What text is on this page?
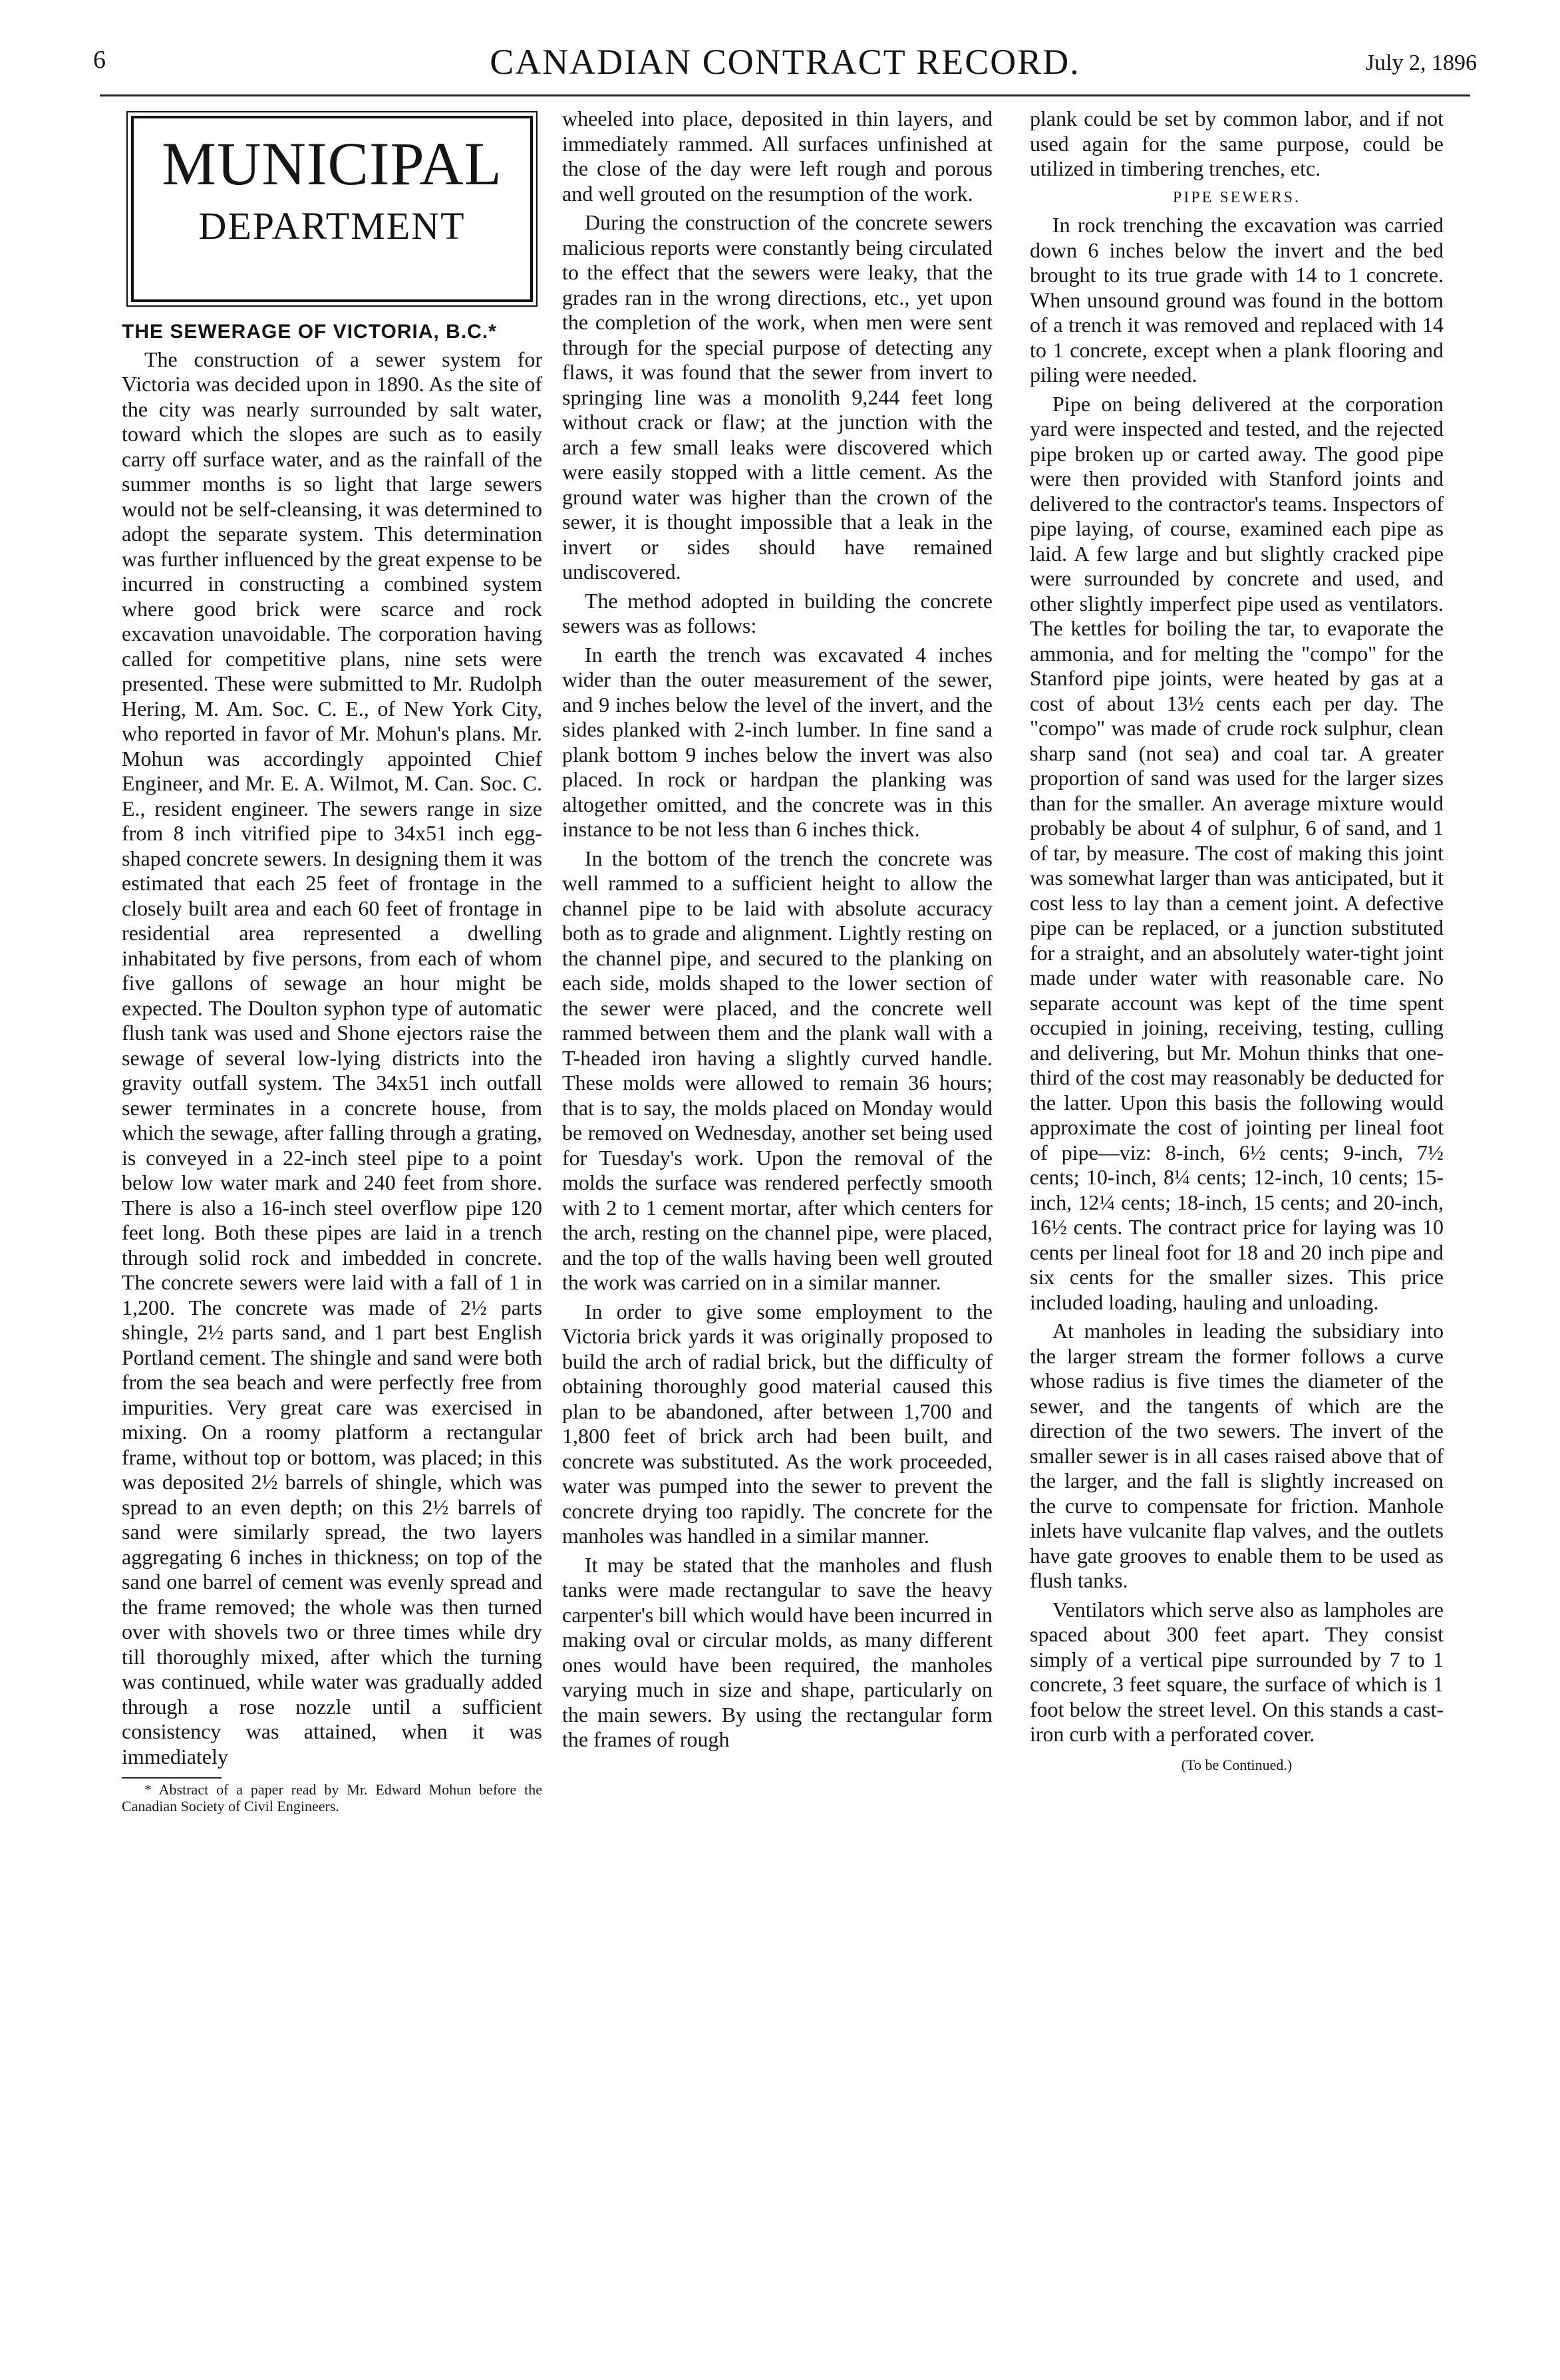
6	CANADIAN CONTRACT RECORD.	July 2, 1896
MUNICIPAL
DEPARTMENT
THE SEWERAGE OF VICTORIA, B.C.*

The construction of a sewer system for Victoria was decided upon in 1890. As the site of the city was nearly surrounded by salt water, toward which the slopes are such as to easily carry off surface water, and as the rainfall of the summer months is so light that large sewers would not be self-cleansing, it was determined to adopt the separate system. This determination was further influenced by the great expense to be incurred in constructing a combined system where good brick were scarce and rock excavation unavoidable. The corporation having called for competitive plans, nine sets were presented. These were submitted to Mr. Rudolph Hering, M. Am. Soc. C. E., of New York City, who reported in favor of Mr. Mohun's plans. Mr. Mohun was accordingly appointed Chief Engineer, and Mr. E. A. Wilmot, M. Can. Soc. C. E., resident engineer. The sewers range in size from 8 inch vitrified pipe to 34x51 inch egg-shaped concrete sewers. In designing them it was estimated that each 25 feet of frontage in the closely built area and each 60 feet of frontage in residential area represented a dwelling inhabitated by five persons, from each of whom five gallons of sewage an hour might be expected. The Doulton syphon type of automatic flush tank was used and Shone ejectors raise the sewage of several low-lying districts into the gravity outfall system. The 34x51 inch outfall sewer terminates in a concrete house, from which the sewage, after falling through a grating, is conveyed in a 22-inch steel pipe to a point below low water mark and 240 feet from shore. There is also a 16-inch steel overflow pipe 120 feet long. Both these pipes are laid in a trench through solid rock and imbedded in concrete. The concrete sewers were laid with a fall of 1 in 1,200. The concrete was made of 2½ parts shingle, 2½ parts sand, and 1 part best English Portland cement. The shingle and sand were both from the sea beach and were perfectly free from impurities. Very great care was exercised in mixing. On a roomy platform a rectangular frame, without top or bottom, was placed; in this was deposited 2½ barrels of shingle, which was spread to an even depth; on this 2½ barrels of sand were similarly spread, the two layers aggregating 6 inches in thickness; on top of the sand one barrel of cement was evenly spread and the frame removed; the whole was then turned over with shovels two or three times while dry till thoroughly mixed, after which the turning was continued, while water was gradually added through a rose nozzle until a sufficient consistency was attained, when it was immediately

* Abstract of a paper read by Mr. Edward Mohun before the Canadian Society of Civil Engineers.

wheeled into place, deposited in thin layers, and immediately rammed. All surfaces unfinished at the close of the day were left rough and porous and well grouted on the resumption of the work.

During the construction of the concrete sewers malicious reports were constantly being circulated to the effect that the sewers were leaky, that the grades ran in the wrong directions, etc., yet upon the completion of the work, when men were sent through for the special purpose of detecting any flaws, it was found that the sewer from invert to springing line was a monolith 9,244 feet long without crack or flaw; at the junction with the arch a few small leaks were discovered which were easily stopped with a little cement. As the ground water was higher than the crown of the sewer, it is thought impossible that a leak in the invert or sides should have remained undiscovered.

The method adopted in building the concrete sewers was as follows:

In earth the trench was excavated 4 inches wider than the outer measurement of the sewer, and 9 inches below the level of the invert, and the sides planked with 2-inch lumber. In fine sand a plank bottom 9 inches below the invert was also placed. In rock or hardpan the planking was altogether omitted, and the concrete was in this instance to be not less than 6 inches thick.

In the bottom of the trench the concrete was well rammed to a sufficient height to allow the channel pipe to be laid with absolute accuracy both as to grade and alignment. Lightly resting on the channel pipe, and secured to the planking on each side, molds shaped to the lower section of the sewer were placed, and the concrete well rammed between them and the plank wall with a T-headed iron having a slightly curved handle. These molds were allowed to remain 36 hours; that is to say, the molds placed on Monday would be removed on Wednesday, another set being used for Tuesday's work. Upon the removal of the molds the surface was rendered perfectly smooth with 2 to 1 cement mortar, after which centers for the arch, resting on the channel pipe, were placed, and the top of the walls having been well grouted the work was carried on in a similar manner.

In order to give some employment to the Victoria brick yards it was originally proposed to build the arch of radial brick, but the difficulty of obtaining thoroughly good material caused this plan to be abandoned, after between 1,700 and 1,800 feet of brick arch had been built, and concrete was substituted. As the work proceeded, water was pumped into the sewer to prevent the concrete drying too rapidly. The concrete for the manholes was handled in a similar manner.

It may be stated that the manholes and flush tanks were made rectangular to save the heavy carpenter's bill which would have been incurred in making oval or circular molds, as many different ones would have been required, the manholes varying much in size and shape, particularly on the main sewers. By using the rectangular form the frames of rough

plank could be set by common labor, and if not used again for the same purpose, could be utilized in timbering trenches, etc.

PIPE SEWERS.

In rock trenching the excavation was carried down 6 inches below the invert and the bed brought to its true grade with 14 to 1 concrete. When unsound ground was found in the bottom of a trench it was removed and replaced with 14 to 1 concrete, except when a plank flooring and piling were needed.

Pipe on being delivered at the corporation yard were inspected and tested, and the rejected pipe broken up or carted away. The good pipe were then provided with Stanford joints and delivered to the contractor's teams. Inspectors of pipe laying, of course, examined each pipe as laid. A few large and but slightly cracked pipe were surrounded by concrete and used, and other slightly imperfect pipe used as ventilators. The kettles for boiling the tar, to evaporate the ammonia, and for melting the "compo" for the Stanford pipe joints, were heated by gas at a cost of about 13½ cents each per day. The "compo" was made of crude rock sulphur, clean sharp sand (not sea) and coal tar. A greater proportion of sand was used for the larger sizes than for the smaller. An average mixture would probably be about 4 of sulphur, 6 of sand, and 1 of tar, by measure. The cost of making this joint was somewhat larger than was anticipated, but it cost less to lay than a cement joint. A defective pipe can be replaced, or a junction substituted for a straight, and an absolutely water-tight joint made under water with reasonable care. No separate account was kept of the time spent occupied in joining, receiving, testing, culling and delivering, but Mr. Mohun thinks that one-third of the cost may reasonably be deducted for the latter. Upon this basis the following would approximate the cost of jointing per lineal foot of pipe—viz: 8-inch, 6½ cents; 9-inch, 7½ cents; 10-inch, 8¼ cents; 12-inch, 10 cents; 15-inch, 12¼ cents; 18-inch, 15 cents; and 20-inch, 16½ cents. The contract price for laying was 10 cents per lineal foot for 18 and 20 inch pipe and six cents for the smaller sizes. This price included loading, hauling and unloading.

At manholes in leading the subsidiary into the larger stream the former follows a curve whose radius is five times the diameter of the sewer, and the tangents of which are the direction of the two sewers. The invert of the smaller sewer is in all cases raised above that of the larger, and the fall is slightly increased on the curve to compensate for friction. Manhole inlets have vulcanite flap valves, and the outlets have gate grooves to enable them to be used as flush tanks.

Ventilators which serve also as lampholes are spaced about 300 feet apart. They consist simply of a vertical pipe surrounded by 7 to 1 concrete, 3 feet square, the surface of which is 1 foot below the street level. On this stands a cast-iron curb with a perforated cover.

(To be Continued.)
